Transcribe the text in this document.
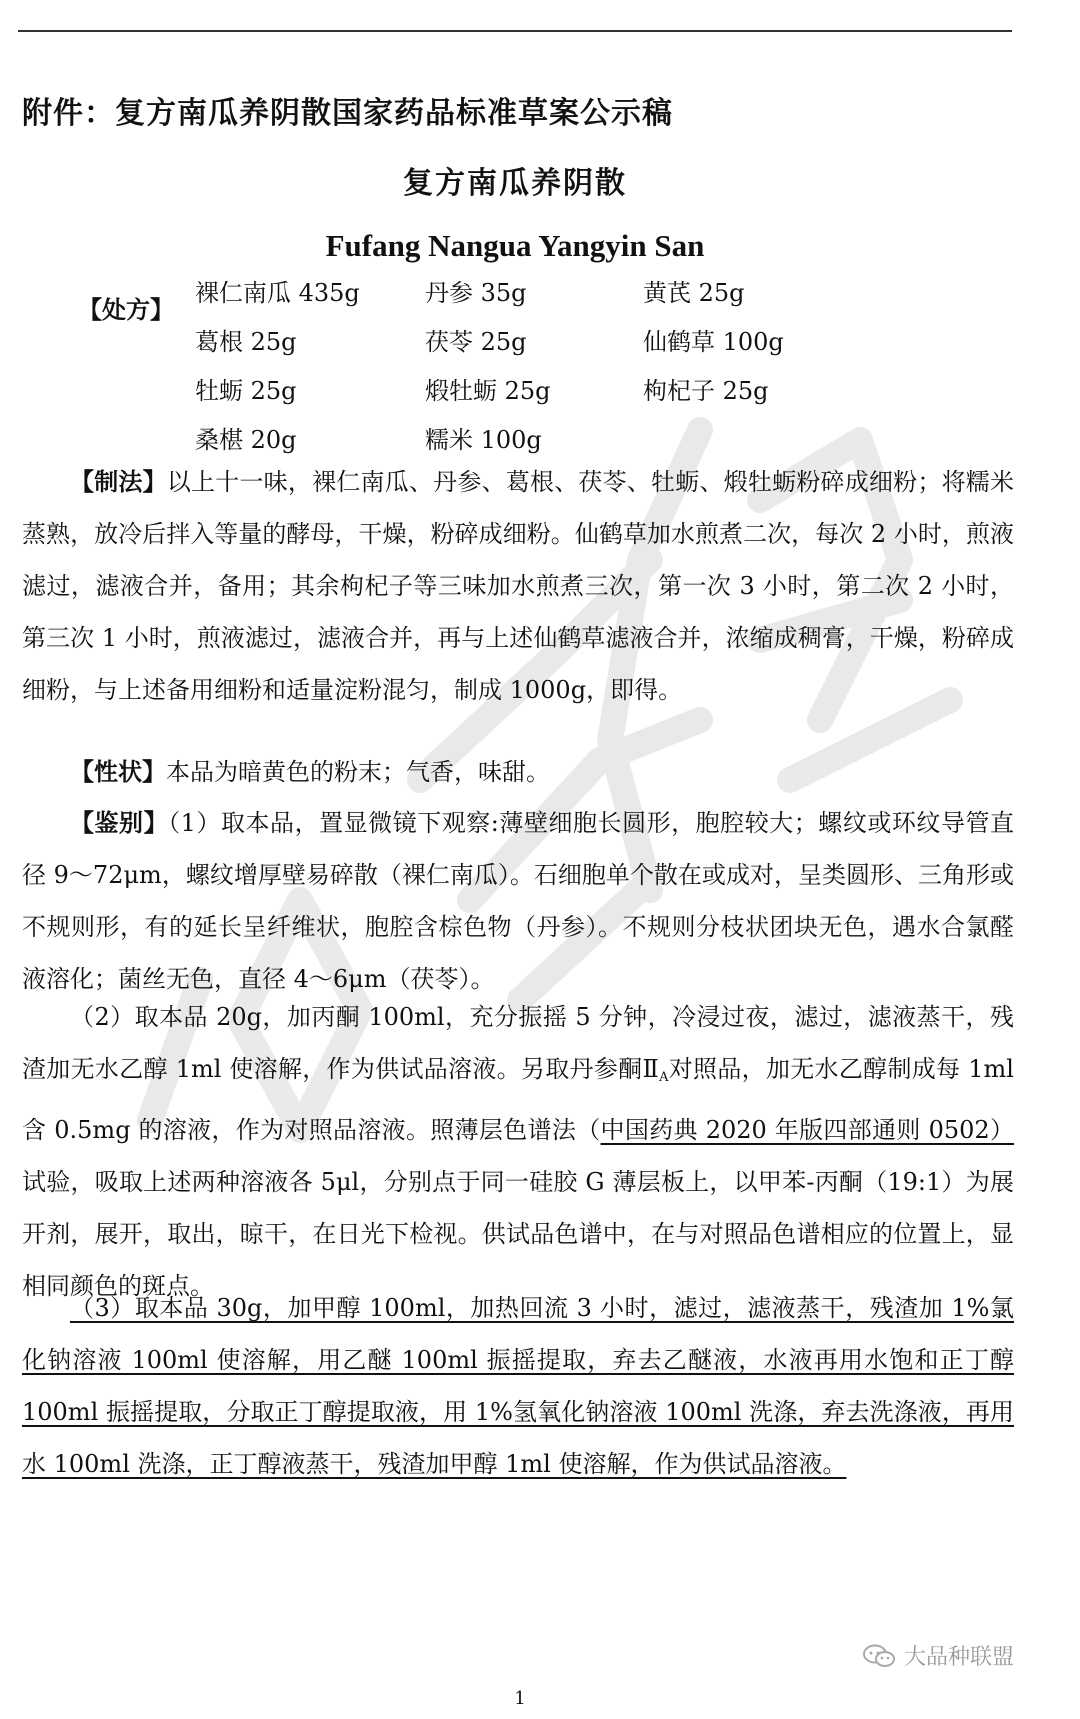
附件：复方南瓜养阴散国家药品标准草案公示稿
复方南瓜养阴散
Fufang Nangua Yangyin San
【处方】
裸仁南瓜 435g	丹参 35g	黄芪 25g
葛根 25g	茯苓 25g	仙鹤草 100g
牡蛎 25g	煅牡蛎 25g	枸杞子 25g
桑椹 20g	糯米 100g
【制法】以上十一味，裸仁南瓜、丹参、葛根、茯苓、牡蛎、煅牡蛎粉碎成细粉；将糯米蒸熟，放冷后拌入等量的酵母，干燥，粉碎成细粉。仙鹤草加水煎煮二次，每次 2 小时，煎液滤过，滤液合并，备用；其余枸杞子等三味加水煎煮三次，第一次 3 小时，第二次 2 小时，第三次 1 小时，煎液滤过，滤液合并，再与上述仙鹤草滤液合并，浓缩成稠膏，干燥，粉碎成细粉，与上述备用细粉和适量淀粉混匀，制成 1000g，即得。
【性状】本品为暗黄色的粉末；气香，味甜。
【鉴别】（1）取本品，置显微镜下观察:薄壁细胞长圆形，胞腔较大；螺纹或环纹导管直径 9～72μm，螺纹增厚壁易碎散（裸仁南瓜）。石细胞单个散在或成对，呈类圆形、三角形或不规则形，有的延长呈纤维状，胞腔含棕色物（丹参）。不规则分枝状团块无色，遇水合氯醛液溶化；菌丝无色，直径 4～6μm（茯苓）。
（2）取本品 20g，加丙酮 100ml，充分振摇 5 分钟，冷浸过夜，滤过，滤液蒸干，残渣加无水乙醇 1ml 使溶解，作为供试品溶液。另取丹参酮$Ⅱ_A$对照品，加无水乙醇制成每 1ml 含 0.5mg 的溶液，作为对照品溶液。照薄层色谱法（中国药典 2020 年版四部通则 0502）试验，吸取上述两种溶液各 5μl，分别点于同一硅胶 G 薄层板上，以甲苯-丙酮（19:1）为展开剂，展开，取出，晾干，在日光下检视。供试品色谱中，在与对照品色谱相应的位置上，显相同颜色的斑点。
（3）取本品 30g，加甲醇 100ml，加热回流 3 小时，滤过，滤液蒸干，残渣加 1%氯化钠溶液 100ml 使溶解，用乙醚 100ml 振摇提取，弃去乙醚液，水液再用水饱和正丁醇 100ml 振摇提取，分取正丁醇提取液，用 1%氢氧化钠溶液 100ml 洗涤，弃去洗涤液，再用水 100ml 洗涤，正丁醇液蒸干，残渣加甲醇 1ml 使溶解，作为供试品溶液。
大品种联盟
1
